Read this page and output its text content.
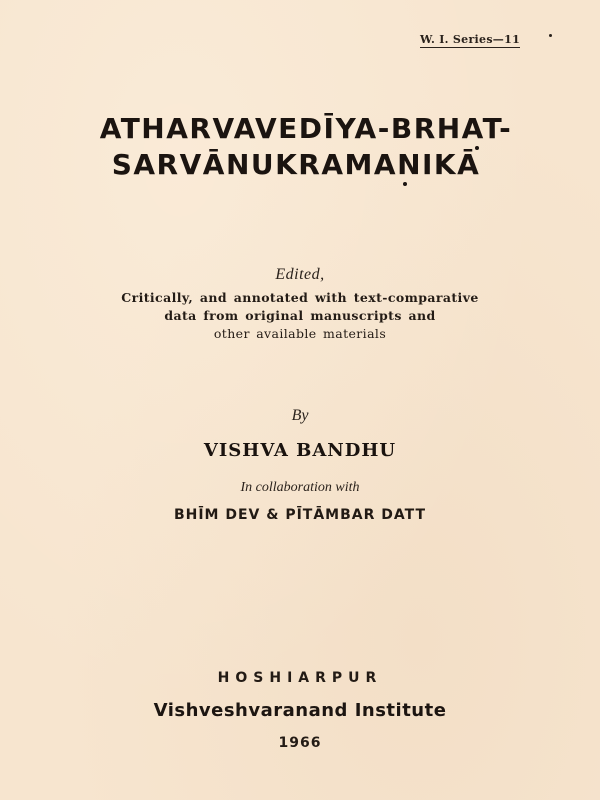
W. I. Series—11
ATHARVAVEDĪYA-BRHAT-
SARVĀNUKRAMANIKĀ
Edited,
Critically, and annotated with text-comparative
data from original manuscripts and
other available materials
By
VISHVA BANDHU
In collaboration with
BHĪM DEV & PĪTĀMBAR DATT
HOSHIARPUR
Vishveshvaranand Institute
1966
